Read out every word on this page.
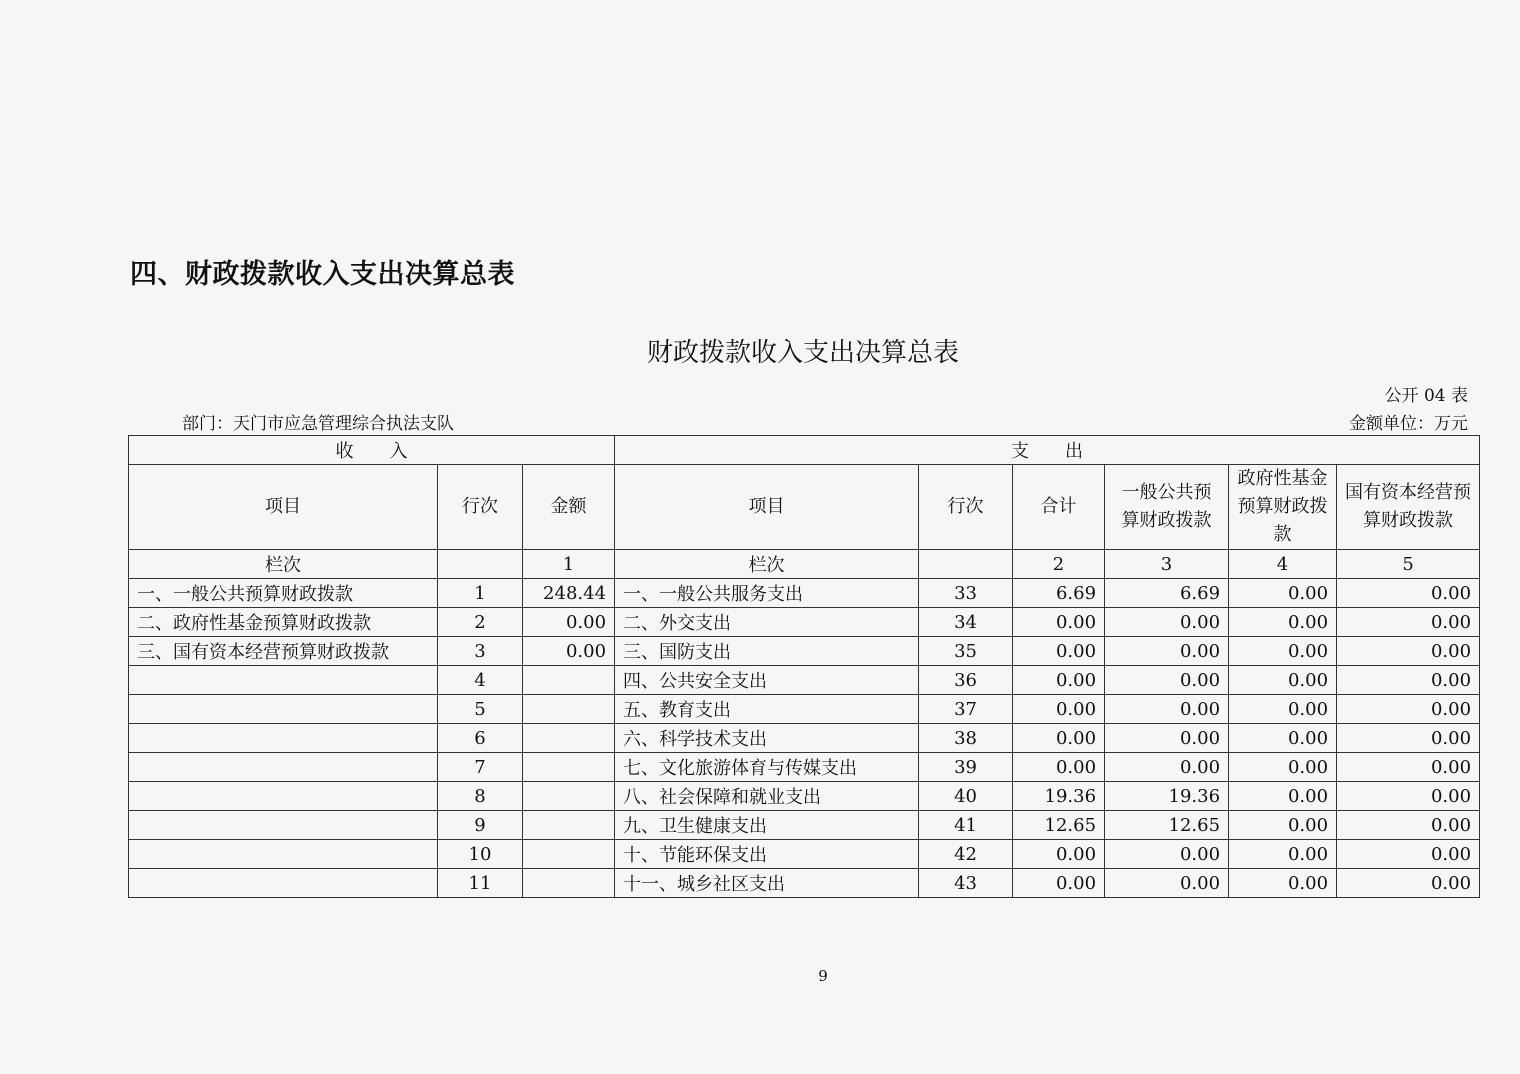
四、财政拨款收入支出决算总表
财政拨款收入支出决算总表
公开 04 表
部门：天门市应急管理综合执法支队	金额单位：万元
收　　入			支　　出					
项目	行次	金额	项目	行次	合计	一般公共预算财政拨款	政府性基金预算财政拨款	国有资本经营预算财政拨款
栏次		1	栏次		2	3	4	5
一、一般公共预算财政拨款	1	248.44	一、一般公共服务支出	33	6.69	6.69	0.00	0.00
二、政府性基金预算财政拨款	2	0.00	二、外交支出	34	0.00	0.00	0.00	0.00
三、国有资本经营预算财政拨款	3	0.00	三、国防支出	35	0.00	0.00	0.00	0.00
	4		四、公共安全支出	36	0.00	0.00	0.00	0.00
	5		五、教育支出	37	0.00	0.00	0.00	0.00
	6		六、科学技术支出	38	0.00	0.00	0.00	0.00
	7		七、文化旅游体育与传媒支出	39	0.00	0.00	0.00	0.00
	8		八、社会保障和就业支出	40	19.36	19.36	0.00	0.00
	9		九、卫生健康支出	41	12.65	12.65	0.00	0.00
	10		十、节能环保支出	42	0.00	0.00	0.00	0.00
	11		十一、城乡社区支出	43	0.00	0.00	0.00	0.00
9
